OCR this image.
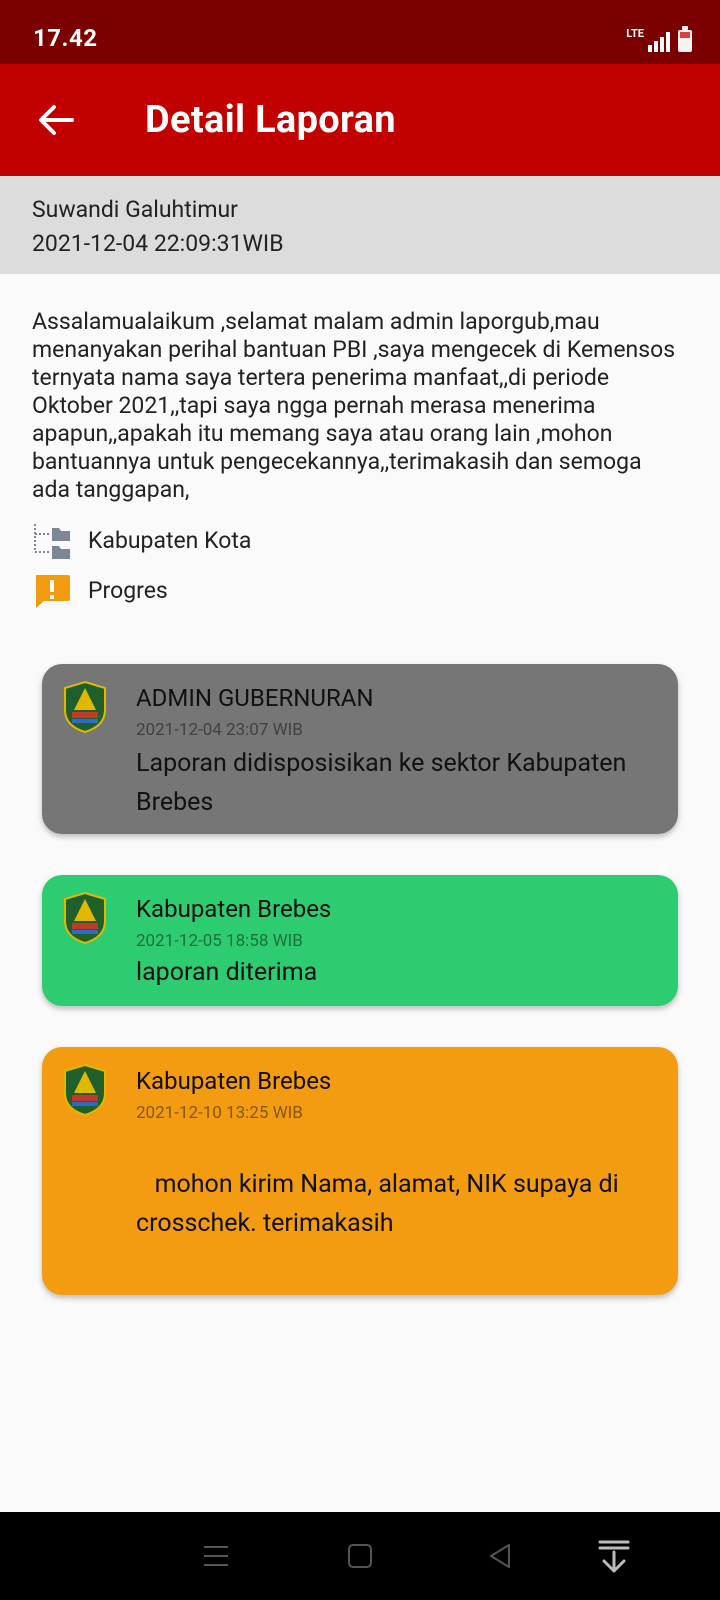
17.42	LTE
Detail Laporan
Suwandi Galuhtimur
2021-12-04 22:09:31WIB
Assalamualaikum ,selamat malam admin laporgub,mau menanyakan perihal bantuan PBI ,saya mengecek di Kemensos ternyata nama saya tertera penerima manfaat,,di periode Oktober 2021,,tapi saya ngga pernah merasa menerima apapun,,apakah itu memang saya atau orang lain ,mohon bantuannya untuk pengecekannya,,terimakasih dan semoga ada tanggapan,
Kabupaten Kota
Progres
ADMIN GUBERNURAN
2021-12-04 23:07 WIB
Laporan didisposisikan ke sektor Kabupaten Brebes
Kabupaten Brebes
2021-12-05 18:58 WIB
laporan diterima
Kabupaten Brebes
2021-12-10 13:25 WIB
mohon kirim Nama, alamat, NIK supaya di crosschek. terimakasih
